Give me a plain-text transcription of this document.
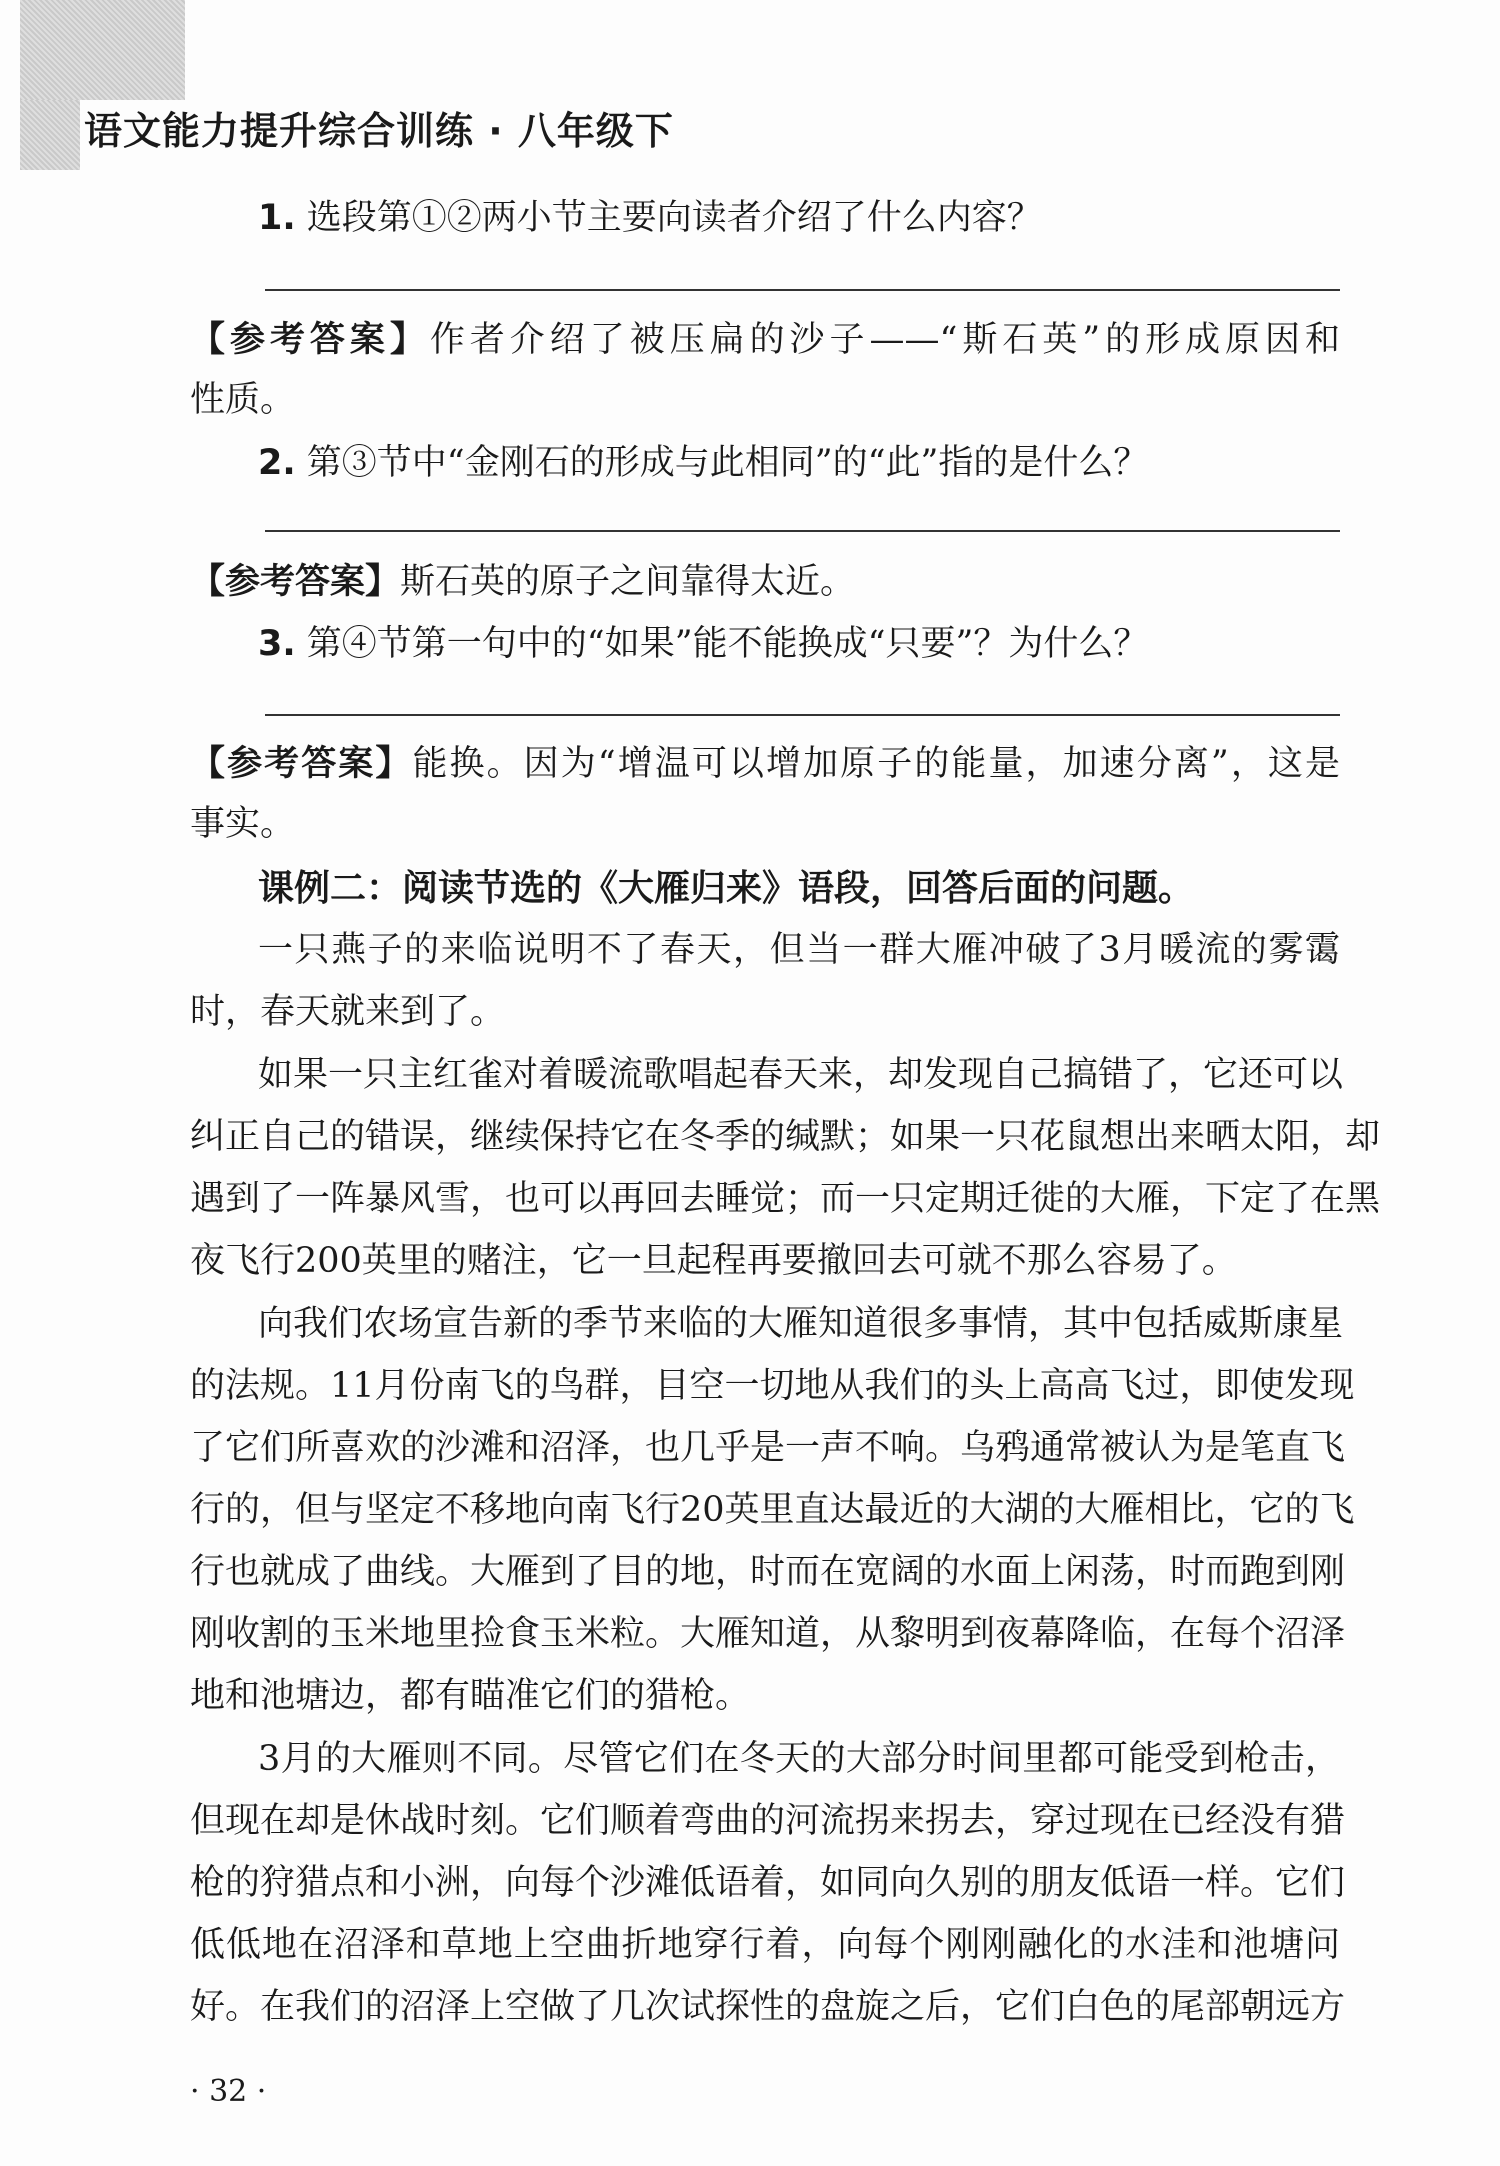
语文能力提升综合训练 · 八年级下
1. 选段第①②两小节主要向读者介绍了什么内容？
【参考答案】作者介绍了被压扁的沙子——“斯石英”的形成原因和
性质。
2. 第③节中“金刚石的形成与此相同”的“此”指的是什么？
【参考答案】斯石英的原子之间靠得太近。
3. 第④节第一句中的“如果”能不能换成“只要”？为什么？
【参考答案】能换。因为“增温可以增加原子的能量，加速分离”，这是
事实。
课例二：阅读节选的《大雁归来》语段，回答后面的问题。
一只燕子的来临说明不了春天，但当一群大雁冲破了3月暖流的雾霭
时，春天就来到了。
如果一只主红雀对着暖流歌唱起春天来，却发现自己搞错了，它还可以
纠正自己的错误，继续保持它在冬季的缄默；如果一只花鼠想出来晒太阳，却
遇到了一阵暴风雪，也可以再回去睡觉；而一只定期迁徙的大雁，下定了在黑
夜飞行200英里的赌注，它一旦起程再要撤回去可就不那么容易了。
向我们农场宣告新的季节来临的大雁知道很多事情，其中包括威斯康星
的法规。11月份南飞的鸟群，目空一切地从我们的头上高高飞过，即使发现
了它们所喜欢的沙滩和沼泽，也几乎是一声不响。乌鸦通常被认为是笔直飞
行的，但与坚定不移地向南飞行20英里直达最近的大湖的大雁相比，它的飞
行也就成了曲线。大雁到了目的地，时而在宽阔的水面上闲荡，时而跑到刚
刚收割的玉米地里捡食玉米粒。大雁知道，从黎明到夜幕降临，在每个沼泽
地和池塘边，都有瞄准它们的猎枪。
3月的大雁则不同。尽管它们在冬天的大部分时间里都可能受到枪击，
但现在却是休战时刻。它们顺着弯曲的河流拐来拐去，穿过现在已经没有猎
枪的狩猎点和小洲，向每个沙滩低语着，如同向久别的朋友低语一样。它们
低低地在沼泽和草地上空曲折地穿行着，向每个刚刚融化的水洼和池塘问
好。在我们的沼泽上空做了几次试探性的盘旋之后，它们白色的尾部朝远方
· 32 ·
